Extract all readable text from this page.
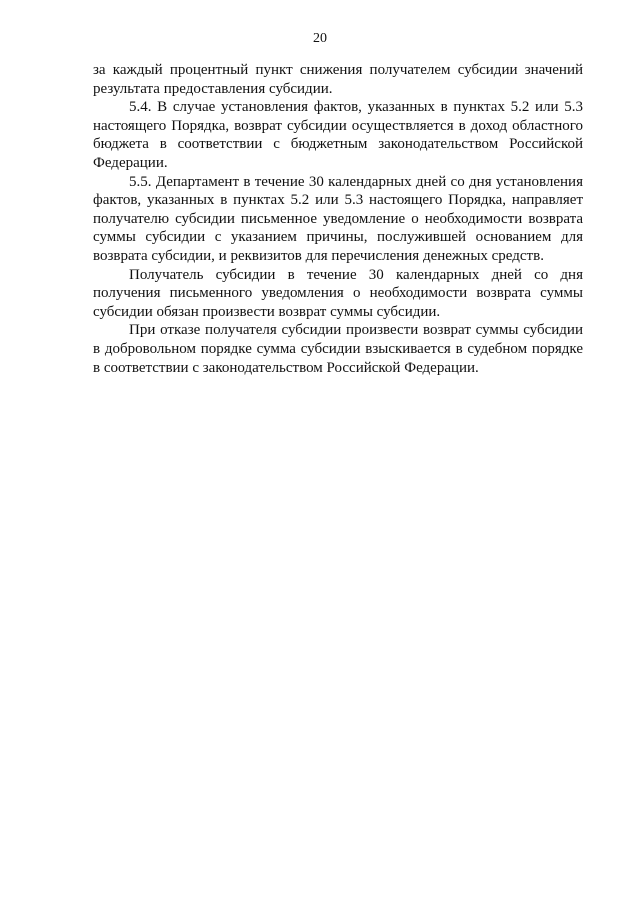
20

за каждый процентный пункт снижения получателем субсидии значений результата предоставления субсидии.

5.4. В случае установления фактов, указанных в пунктах 5.2 или 5.3 настоящего Порядка, возврат субсидии осуществляется в доход областного бюджета в соответствии с бюджетным законодательством Российской Федерации.

5.5. Департамент в течение 30 календарных дней со дня установления фактов, указанных в пунктах 5.2 или 5.3 настоящего Порядка, направляет получателю субсидии письменное уведомление о необходимости возврата суммы субсидии с указанием причины, послужившей основанием для возврата субсидии, и реквизитов для перечисления денежных средств.

Получатель субсидии в течение 30 календарных дней со дня получения письменного уведомления о необходимости возврата суммы субсидии обязан произвести возврат суммы субсидии.

При отказе получателя субсидии произвести возврат суммы субсидии в добровольном порядке сумма субсидии взыскивается в судебном порядке в соответствии с законодательством Российской Федерации.
